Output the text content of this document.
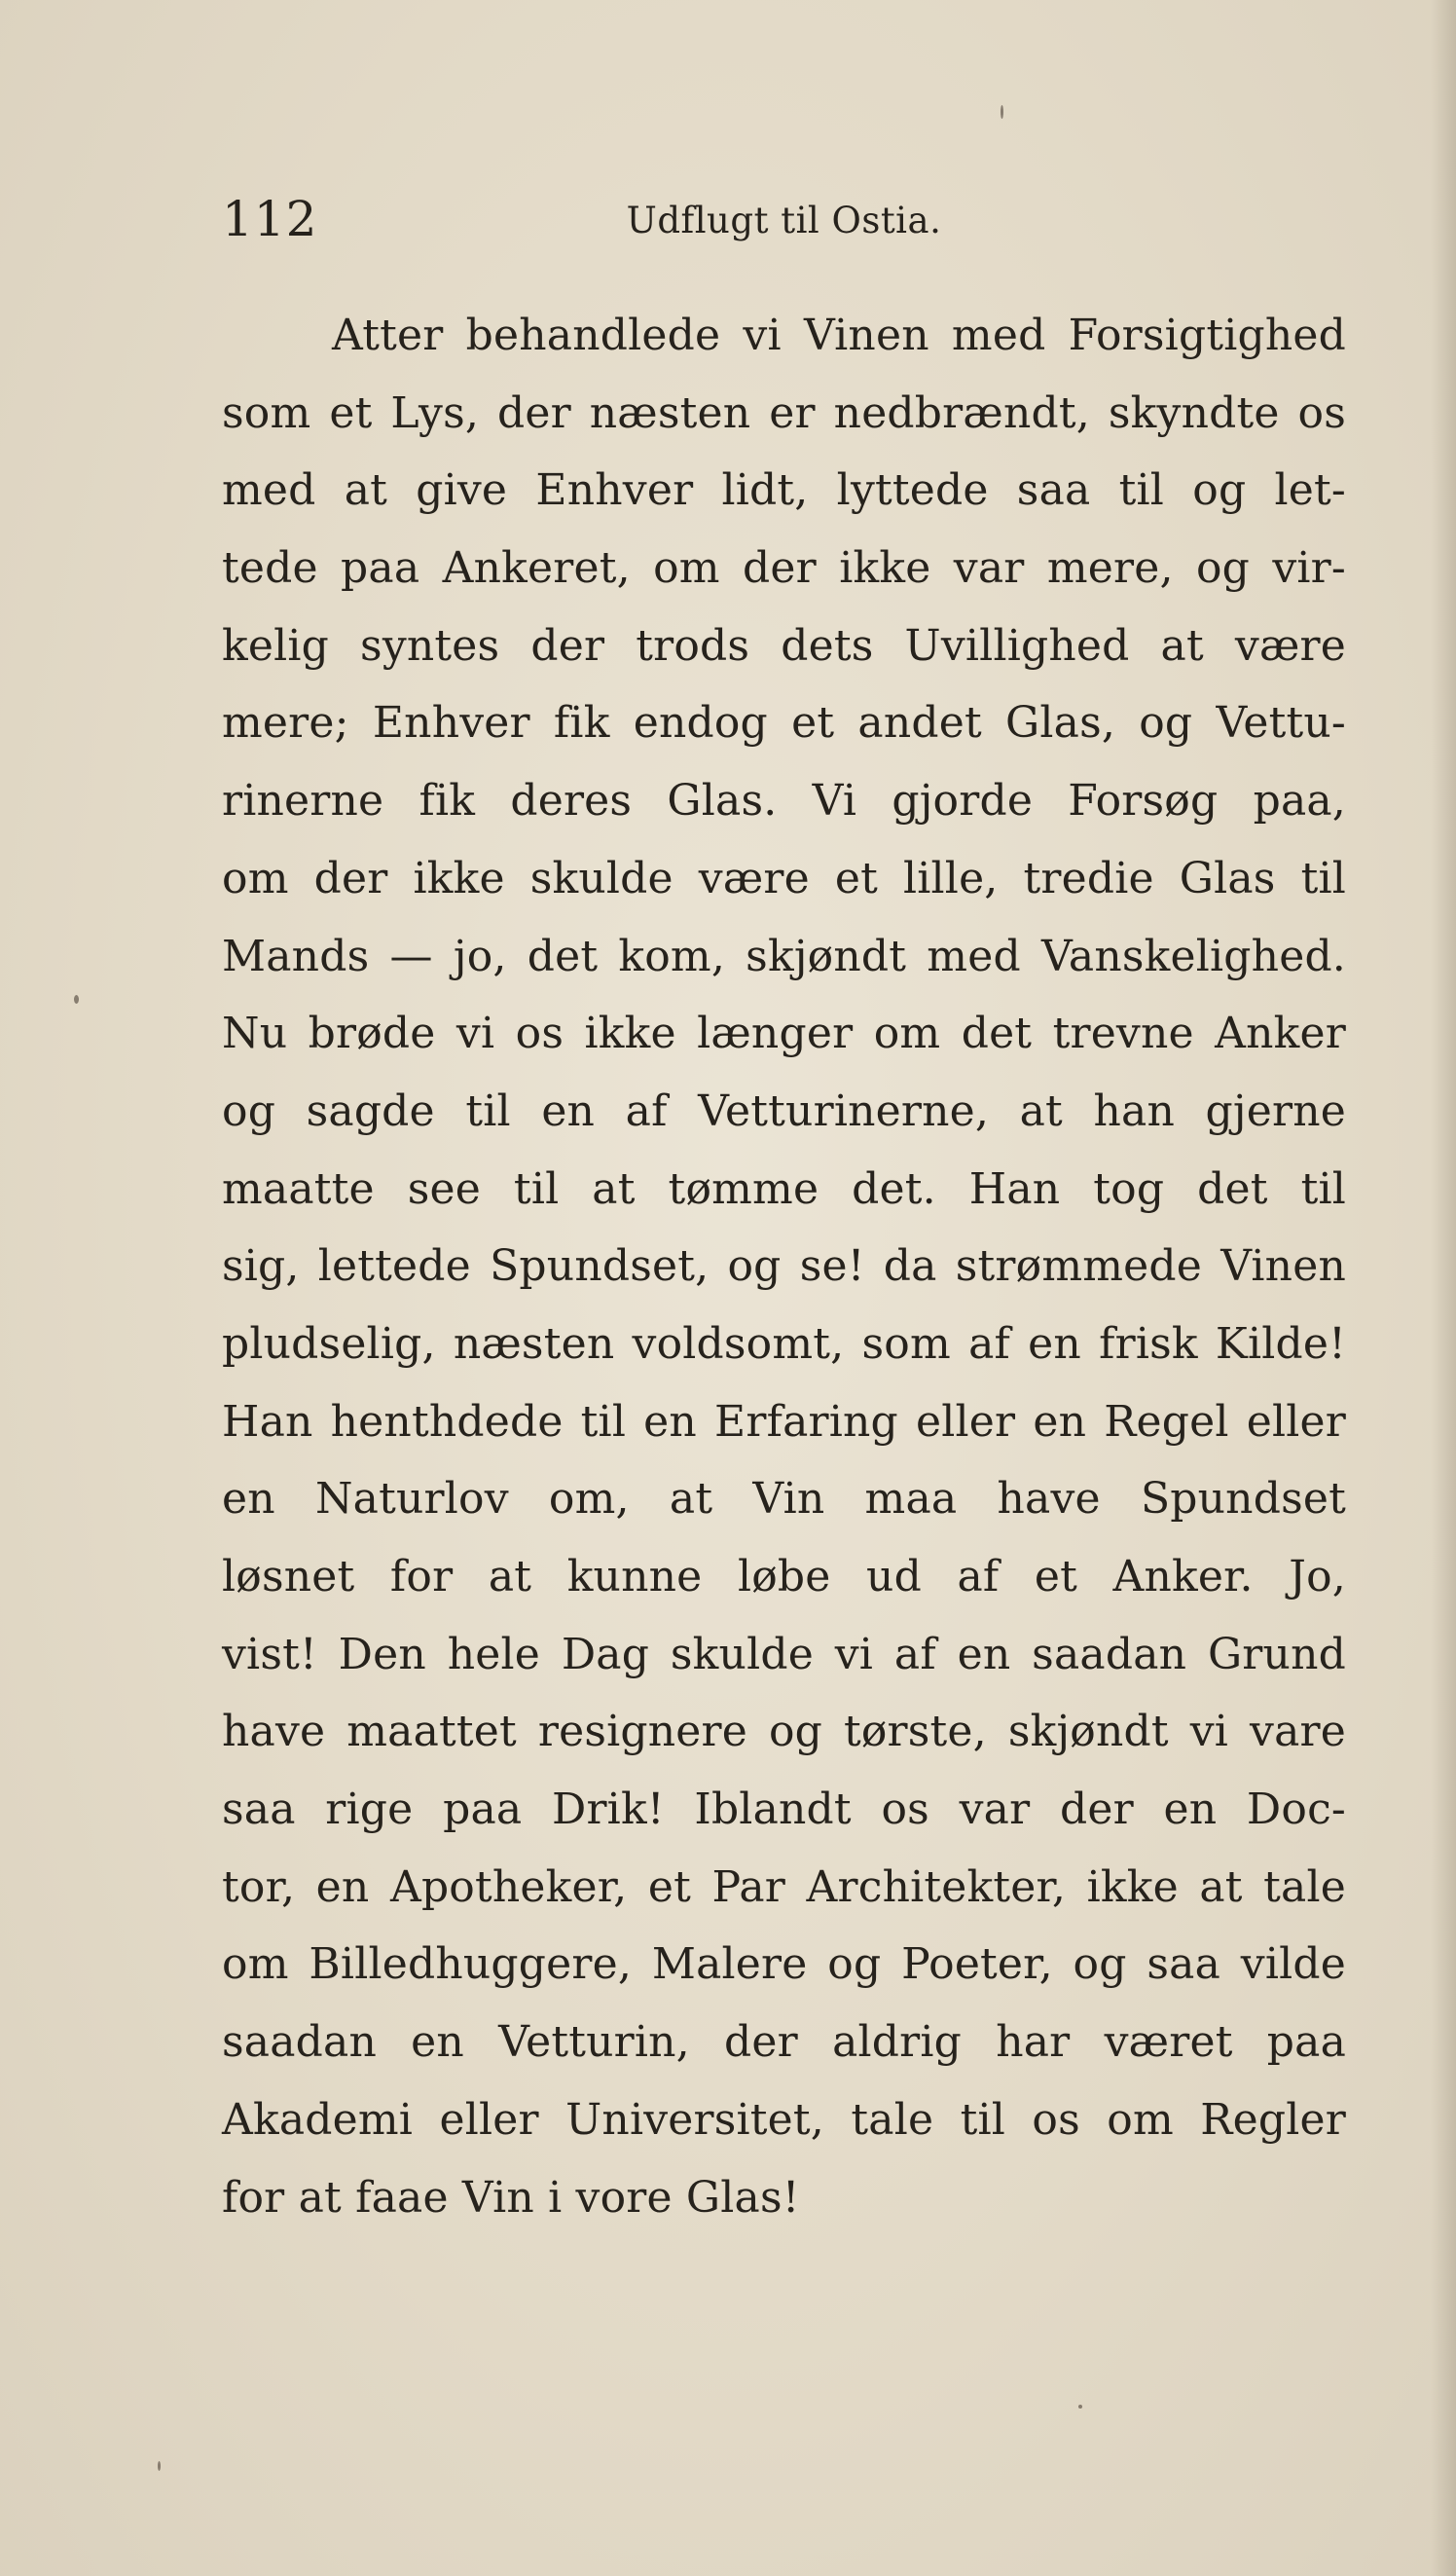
112	Udflugt til Ostia.
Atter behandlede vi Vinen med Forsigtighed
som et Lys, der næsten er nedbrændt, skyndte os
med at give Enhver lidt, lyttede saa til og let-
tede paa Ankeret, om der ikke var mere, og vir-
kelig syntes der trods dets Uvillighed at være
mere; Enhver fik endog et andet Glas, og Vettu-
rinerne fik deres Glas. Vi gjorde Forsøg paa,
om der ikke skulde være et lille, tredie Glas til
Mands — jo, det kom, skjøndt med Vanskelighed.
Nu brøde vi os ikke længer om det trevne Anker
og sagde til en af Vetturinerne, at han gjerne
maatte see til at tømme det. Han tog det til
sig, lettede Spundset, og se! da strømmede Vinen
pludselig, næsten voldsomt, som af en frisk Kilde!
Han henthdede til en Erfaring eller en Regel eller
en Naturlov om, at Vin maa have Spundset
løsnet for at kunne løbe ud af et Anker. Jo,
vist! Den hele Dag skulde vi af en saadan Grund
have maattet resignere og tørste, skjøndt vi vare
saa rige paa Drik! Iblandt os var der en Doc-
tor, en Apotheker, et Par Architekter, ikke at tale
om Billedhuggere, Malere og Poeter, og saa vilde
saadan en Vetturin, der aldrig har været paa
Akademi eller Universitet, tale til os om Regler
for at faae Vin i vore Glas!
